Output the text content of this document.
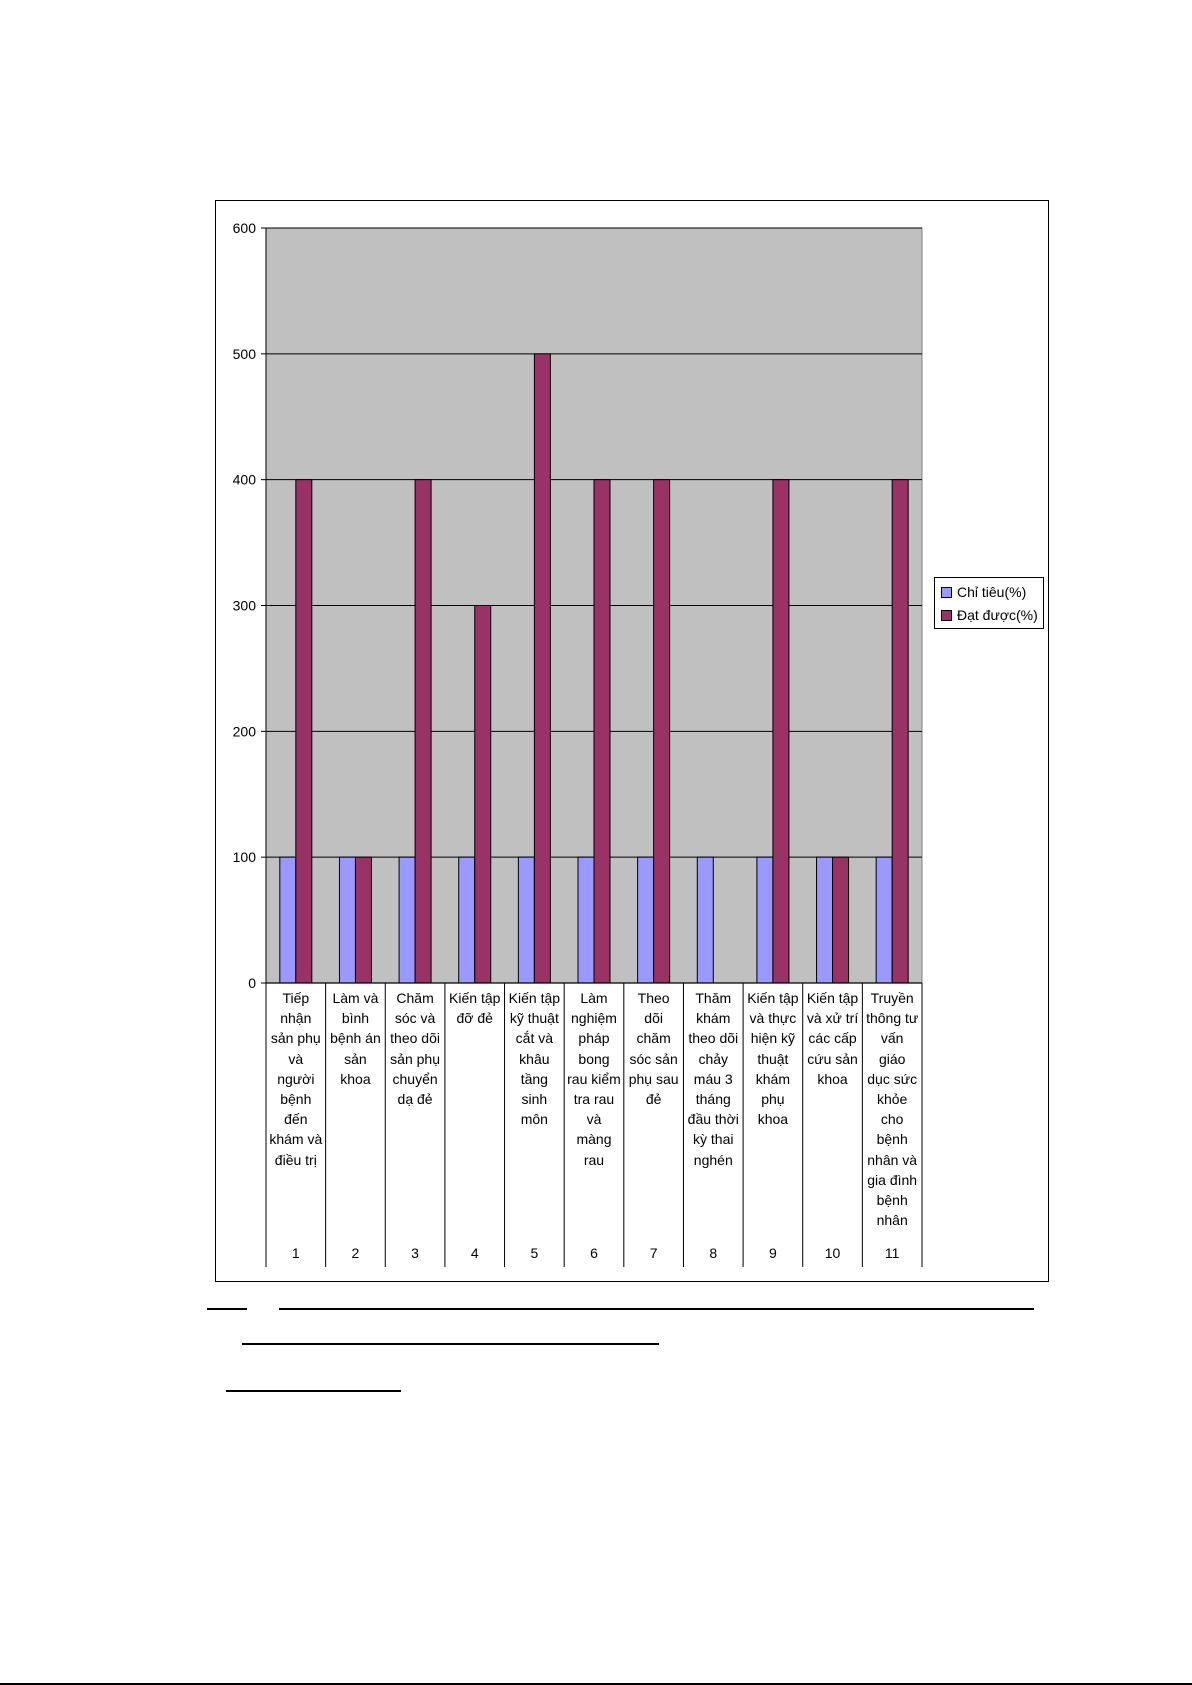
0
100
200
300
400
500
600
Tiếp
nhận
sản phụ
và
người
bệnh
đến
khám và
điều trị
1
Làm và
bình
bệnh án
sản
khoa
2
Chăm
sóc và
theo dõi
sản phụ
chuyển
dạ đẻ
3
Kiến tập
đỡ đẻ
4
Kiến tập
kỹ thuật
cắt và
khâu
tầng
sinh
môn
5
Làm
nghiệm
pháp
bong
rau kiểm
tra rau
và
màng
rau
6
Theo
dõi
chăm
sóc sản
phụ sau
đẻ
7
Thăm
khám
theo dõi
chảy
máu 3
tháng
đầu thời
kỳ thai
nghén
8
Kiến tập
và thực
hiện kỹ
thuật
khám
phụ
khoa
9
Kiến tập
và xử trí
các cấp
cứu sản
khoa
10
Truyền
thông tư
vấn
giáo
dục sức
khỏe
cho
bệnh
nhân và
gia đình
bệnh
nhân
11
Chỉ tiêu(%)
Đạt được(%)
